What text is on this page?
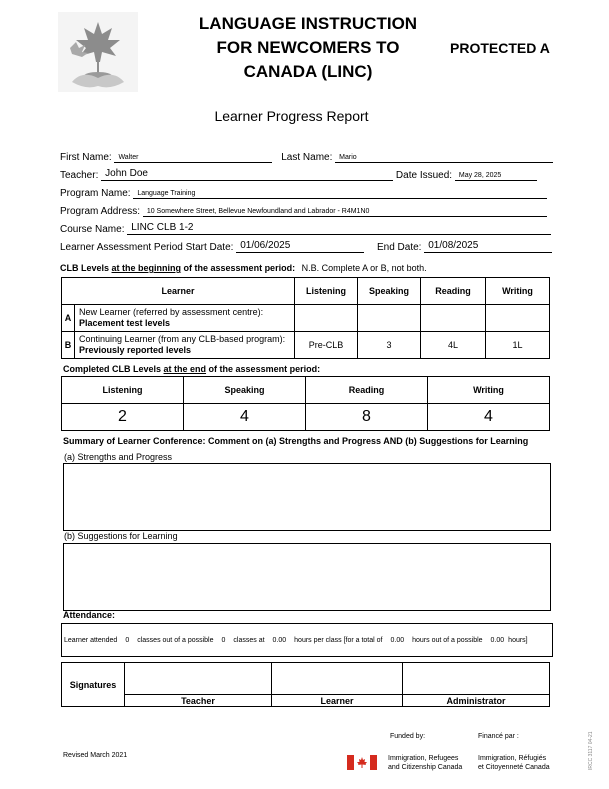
LANGUAGE INSTRUCTION
FOR NEWCOMERS TO
CANADA (LINC)
PROTECTED A
Learner Progress Report
First Name: Walter	Last Name: Mario
Teacher: John Doe	Date Issued: May 28, 2025
Program Name: Language Training
Program Address: 10 Somewhere Street, Bellevue Newfoundland and Labrador - R4M1N0
Course Name: LINC CLB 1-2
Learner Assessment Period Start Date: 01/06/2025	End Date: 01/08/2025
CLB Levels at the beginning of the assessment period: N.B. Complete A or B, not both.
Learner		Listening	Speaking	Reading	Writing
A	New Learner (referred by assessment centre):
Placement test levels				

B	Continuing Learner (from any CLB-based program):
Previously reported levels	Pre-CLB	3	4L	1L
Completed CLB Levels at the end of the assessment period:
Listening	Speaking	Reading	Writing
2	4	8	4
Summary of Learner Conference: Comment on (a) Strengths and Progress AND (b) Suggestions for Learning
(a) Strengths and Progress
(b) Suggestions for Learning
Attendance:
Learner attended 0 classes out of a possible 0 classes at 0.00 hours per class [for a total of 0.00 hours out of a possible 0.00 hours]
Signatures			
	Teacher	Learner	Administrator
Revised March 2021
Funded by:	Financé par :
Immigration, Refugees
and Citizenship Canada
Immigration, Réfugiés
et Citoyenneté Canada	IRCC 3117 04-21
